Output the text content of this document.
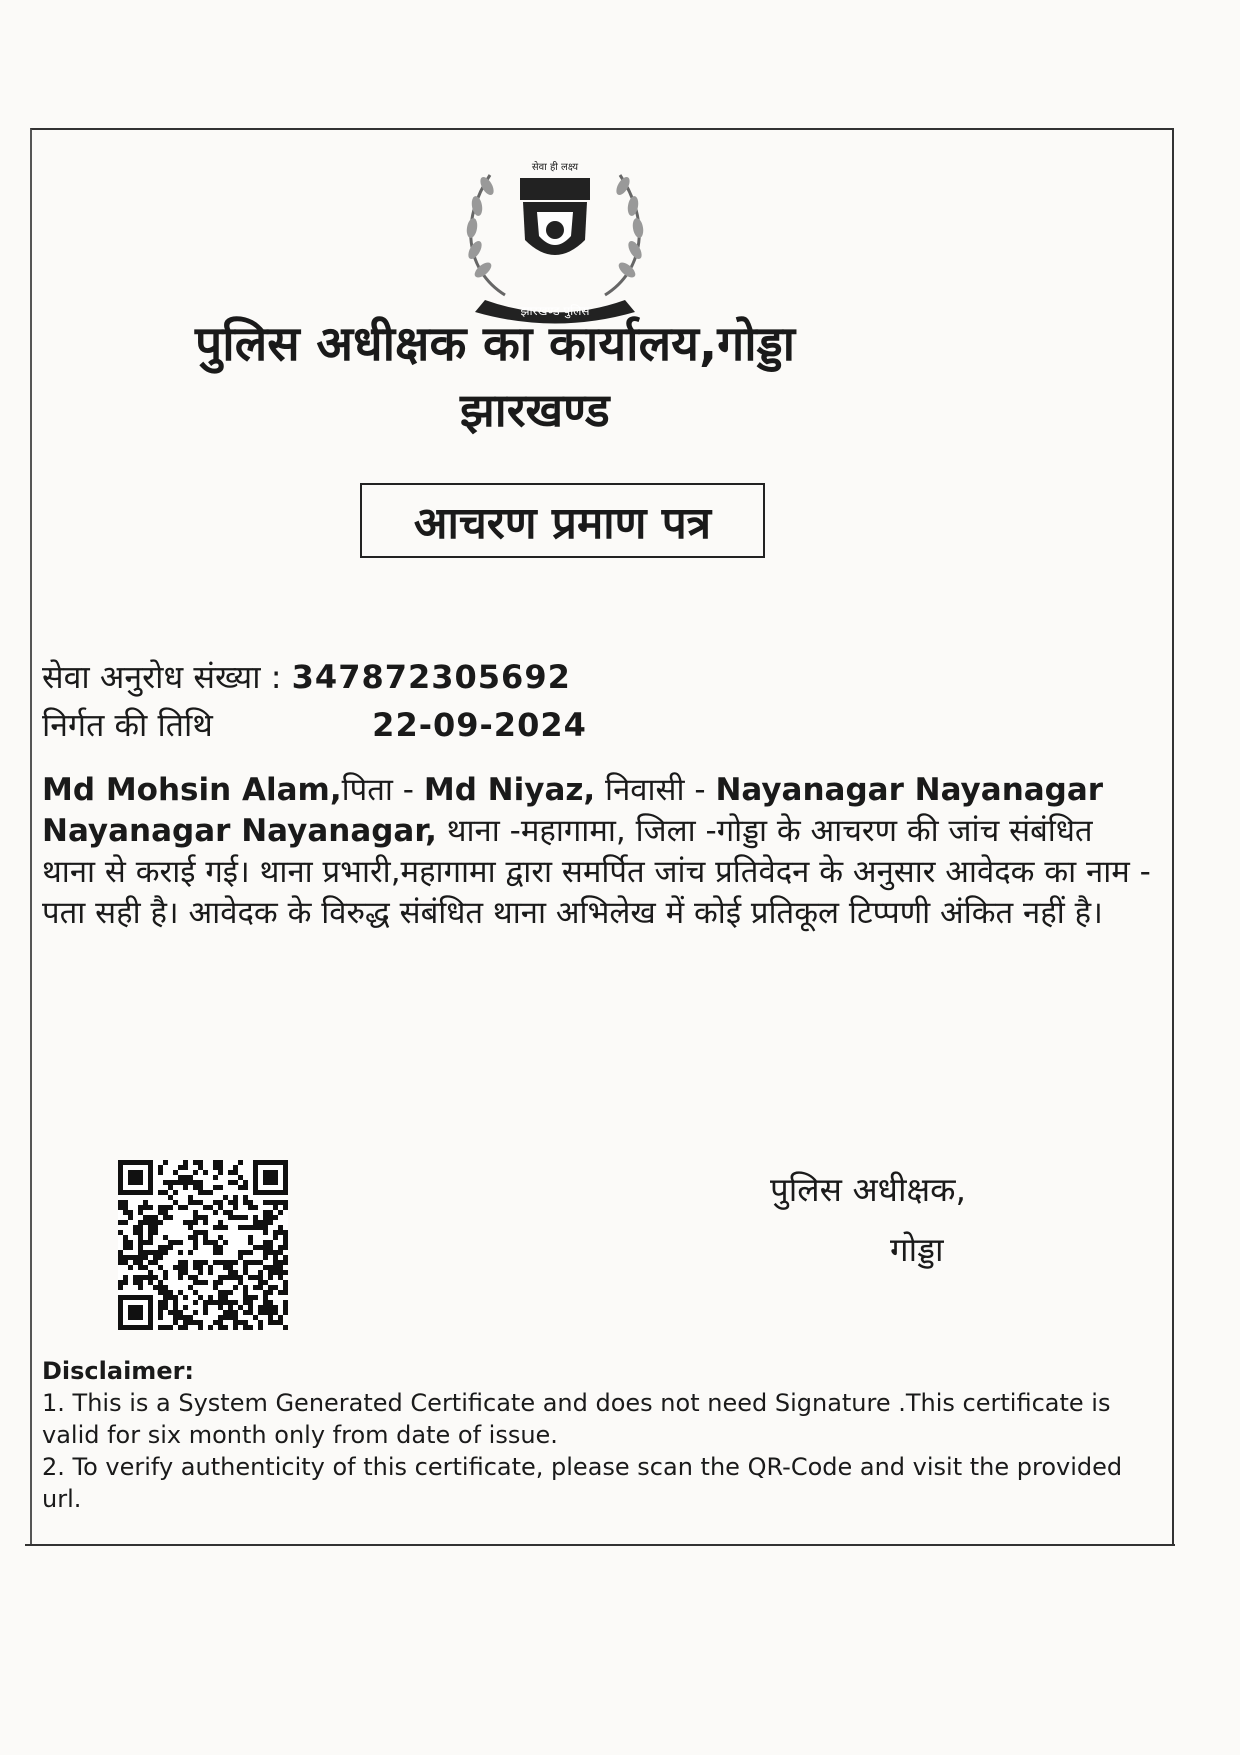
सेवा ही लक्ष्य
झारखण्ड पुलिस
पुलिस अधीक्षक का कार्यालय,गोड्डा
झारखण्ड
आचरण प्रमाण पत्र
सेवा अनुरोध संख्या : 347872305692
निर्गत की तिथि	22-09-2024
Md Mohsin Alam,पिता - Md Niyaz, निवासी - Nayanagar Nayanagar Nayanagar Nayanagar, थाना -महागामा, जिला -गोड्डा के आचरण की जांच संबंधित थाना से कराई गई। थाना प्रभारी,महागामा द्वारा समर्पित जांच प्रतिवेदन के अनुसार आवेदक का नाम - पता सही है। आवेदक के विरुद्ध संबंधित थाना अभिलेख में कोई प्रतिकूल टिप्पणी अंकित नहीं है।
पुलिस अधीक्षक,
गोड्डा
Disclaimer:
1. This is a System Generated Certificate and does not need Signature .This certificate is valid for six month only from date of issue.
2. To verify authenticity of this certificate, please scan the QR-Code and visit the provided url.
